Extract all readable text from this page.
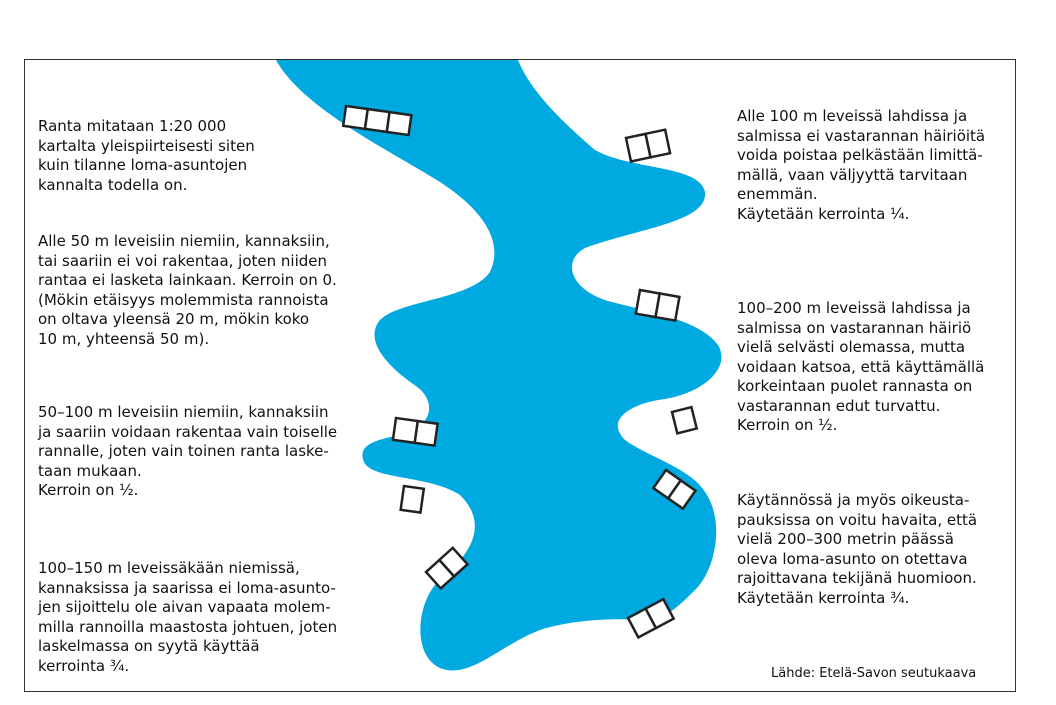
Ranta mitataan 1:20 000
kartalta yleispiirteisesti siten
kuin tilanne loma-asuntojen
kannalta todella on.
Alle 50 m leveisiin niemiin, kannaksiin,
tai saariin ei voi rakentaa, joten niiden
rantaa ei lasketa lainkaan. Kerroin on 0.
(Mökin etäisyys molemmista rannoista
on oltava yleensä 20 m, mökin koko
10 m, yhteensä 50 m).
50–100 m leveisiin niemiin, kannaksiin
ja saariin voidaan rakentaa vain toiselle
rannalle, joten vain toinen ranta laske-
taan mukaan.
Kerroin on ½.
100–150 m leveissäkään niemissä,
kannaksissa ja saarissa ei loma-asunto-
jen sijoittelu ole aivan vapaata molem-
milla rannoilla maastosta johtuen, joten
laskelmassa on syytä käyttää
kerrointa ¾.
Alle 100 m leveissä lahdissa ja
salmissa ei vastarannan häiriöitä
voida poistaa pelkästään limittä-
mällä, vaan väljyyttä tarvitaan
enemmän.
Käytetään kerrointa ¼.
100–200 m leveissä lahdissa ja
salmissa on vastarannan häiriö
vielä selvästi olemassa, mutta
voidaan katsoa, että käyttämällä
korkeintaan puolet rannasta on
vastarannan edut turvattu.
Kerroin on ½.
Käytännössä ja myös oikeusta-
pauksissa on voitu havaita, että
vielä 200–300 metrin päässä
oleva loma-asunto on otettava
rajoittavana tekijänä huomioon.
Käytetään kerrointa ¾.
Lähde: Etelä-Savon seutukaava
